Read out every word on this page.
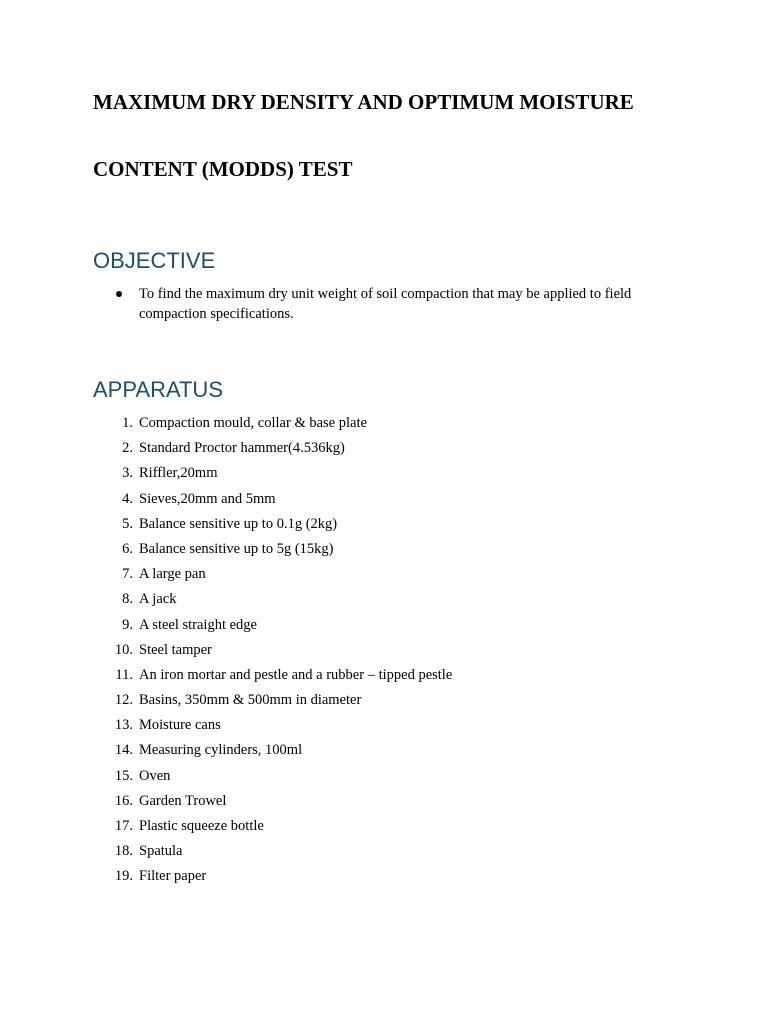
MAXIMUM DRY DENSITY AND OPTIMUM MOISTURE
CONTENT (MODDS) TEST
OBJECTIVE
To find the maximum dry unit weight of soil compaction that may be applied to field compaction specifications.
APPARATUS
1. Compaction mould, collar & base plate
2. Standard Proctor hammer(4.536kg)
3. Riffler,20mm
4. Sieves,20mm and 5mm
5. Balance sensitive up to 0.1g (2kg)
6. Balance sensitive up to 5g (15kg)
7. A large pan
8. A jack
9. A steel straight edge
10. Steel tamper
11. An iron mortar and pestle and a rubber – tipped pestle
12. Basins, 350mm & 500mm in diameter
13. Moisture cans
14. Measuring cylinders, 100ml
15. Oven
16. Garden Trowel
17. Plastic squeeze bottle
18. Spatula
19. Filter paper
